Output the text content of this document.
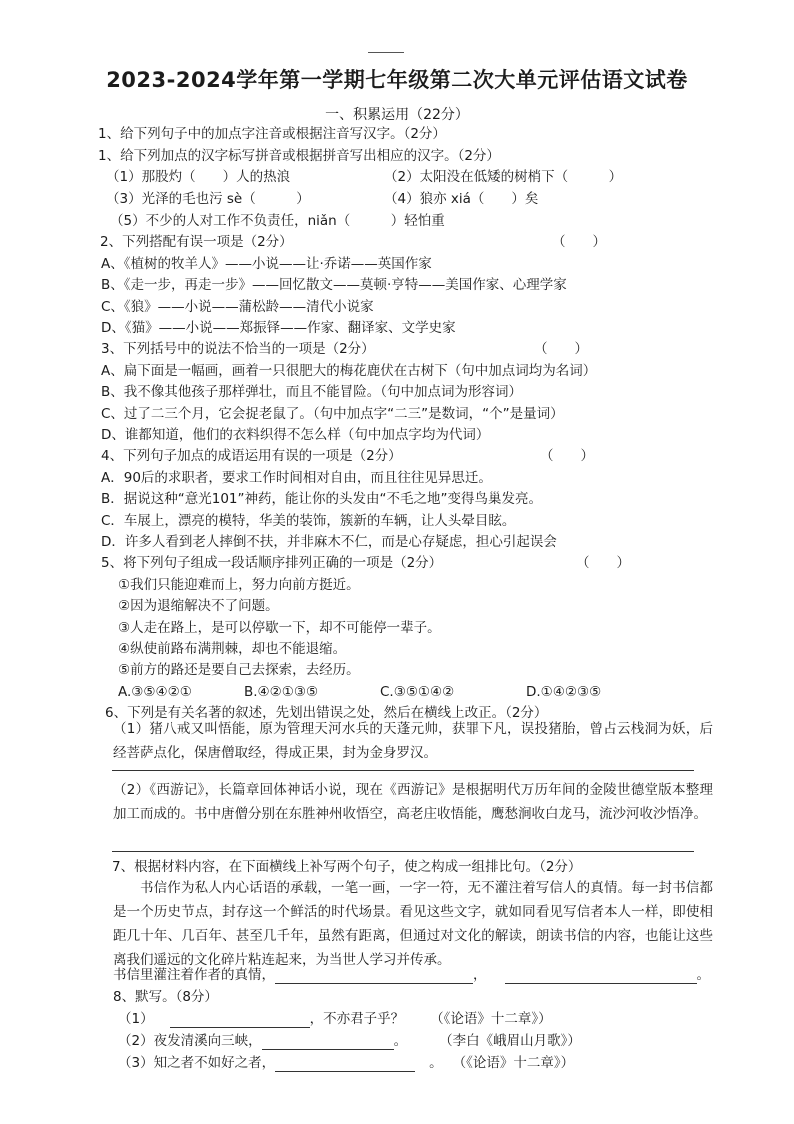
2023-2024学年第一学期七年级第二次大单元评估语文试卷
一、积累运用（22分）
1、给下列句子中的加点字注音或根据注音写汉字。（2分）
1、给下列加点的汉字标写拼音或根据拼音写出相应的汉字。（2分）
（1）那股灼（　　）人的热浪	（2）太阳没在低矮的树梢下（　　　）
（3）光泽的毛也污 sè（　　　）	（4）狼亦 xiá（　　）矣
（5）不少的人对工作不负责任，niǎn（　　　）轻怕重
2、下列搭配有误一项是（2分）	（　　）
A、《植树的牧羊人》——小说——让·乔诺——英国作家
B、《走一步，再走一步》——回忆散文——莫顿·亨特——美国作家、心理学家
C、《狼》——小说——蒲松龄——清代小说家
D、《猫》——小说——郑振铎——作家、翻译家、文学史家
3、下列括号中的说法不恰当的一项是（2分）	（　　）
A、扁下面是一幅画，画着一只很肥大的梅花鹿伏在古树下（句中加点词均为名词）
B、我不像其他孩子那样弹壮，而且不能冒险。（句中加点词为形容词）
C、过了二三个月，它会捉老鼠了。（句中加点字“二三”是数词，“个”是量词）
D、谁都知道，他们的衣料织得不怎么样（句中加点字均为代词）
4、下列句子加点的成语运用有误的一项是（2分）	（　　）
A．90后的求职者，要求工作时间相对自由，而且往往见异思迁。
B．据说这种“意光101”神药，能让你的头发由“不毛之地”变得鸟巢发亮。
C．车展上，漂亮的模特，华美的装饰，簇新的车辆，让人头晕目眩。
D．许多人看到老人摔倒不扶，并非麻木不仁，而是心存疑虑，担心引起误会
5、将下列句子组成一段话顺序排列正确的一项是（2分）	（　　）
①我们只能迎难而上，努力向前方挺近。
②因为退缩解决不了问题。
③人走在路上，是可以停歇一下，却不可能停一辈子。
④纵使前路布满荆棘，却也不能退缩。
⑤前方的路还是要自己去探索，去经历。
A.③⑤④②①	B.④②①③⑤	C.③⑤①④②	D.①④②③⑤
6、下列是有关名著的叙述，先划出错误之处，然后在横线上改正。（2分）
（1）猪八戒又叫悟能，原为管理天河水兵的天蓬元帅，获罪下凡，误投猪胎，曾占云栈洞为妖，后经菩萨点化，保唐僧取经，得成正果，封为金身罗汉。
（2）《西游记》，长篇章回体神话小说，现在《西游记》是根据明代万历年间的金陵世德堂版本整理加工而成的。书中唐僧分别在东胜神州收悟空，高老庄收悟能，鹰愁涧收白龙马，流沙河收沙悟净。
7、根据材料内容，在下面横线上补写两个句子，使之构成一组排比句。（2分）
书信作为私人内心话语的承载，一笔一画，一字一符，无不灌注着写信人的真情。每一封书信都是一个历史节点，封存这一个鲜活的时代场景。看见这些文字，就如同看见写信者本人一样，即使相距几十年、几百年、甚至几千年，虽然有距离，但通过对文化的解读，朗读书信的内容，也能让这些离我们遥远的文化碎片粘连起来，为当世人学习并传承。
书信里灌注着作者的真情，	，	。
8、默写。（8分）
（1）	，不亦君子乎？ （《论语》十二章》）
（2）夜发清溪向三峡，	。 （李白《峨眉山月歌》）
（3）知之者不如好之者，	。 （《论语》十二章》）
